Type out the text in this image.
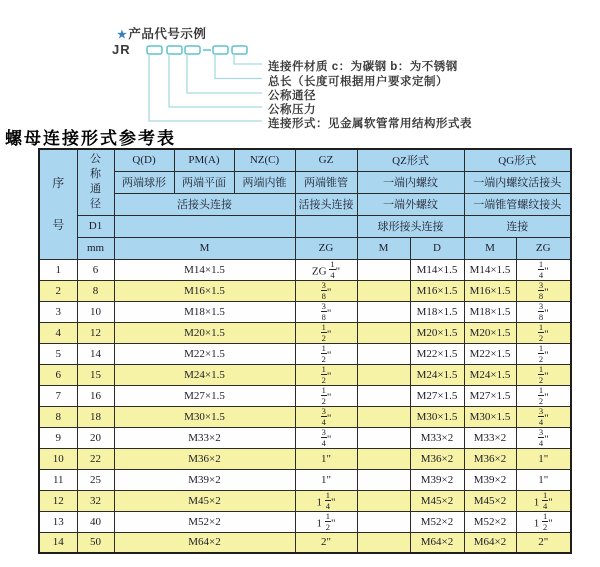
★产品代号示例
JR
连接件材质 c：为碳钢 b：为不锈钢
总长（长度可根据用户要求定制）
公称通径
公称压力
连接形式：见金属软管常用结构形式表
螺母连接形式参考表
序
号	公
称
通
径	Q(D)	PM(A)	NZ(C)	GZ	QZ形式		QG形式	
		两端球形	两端平面	两端内锥	两端锥管	一端内螺纹		一端内螺纹活接头	
		活接头连接			活接头连接	一端外螺纹		一端锥管螺纹接头	
	D1					球形接头连接		连接	
	mm	M			ZG	M	D	M	ZG
1	6	M14×1.5			ZG $\frac{1}{4}$ "		M14×1.5	M14×1.5	$\frac{1}{4}$ "
2	8	M16×1.5			$\frac{3}{8}$ "		M16×1.5	M16×1.5	$\frac{3}{8}$ "
3	10	M18×1.5			$\frac{3}{8}$ "		M18×1.5	M18×1.5	$\frac{3}{8}$ "
4	12	M20×1.5			$\frac{1}{2}$ "		M20×1.5	M20×1.5	$\frac{1}{2}$ "
5	14	M22×1.5			$\frac{1}{2}$ "		M22×1.5	M22×1.5	$\frac{1}{2}$ "
6	15	M24×1.5			$\frac{1}{2}$ "		M24×1.5	M24×1.5	$\frac{1}{2}$ "
7	16	M27×1.5			$\frac{1}{2}$ "		M27×1.5	M27×1.5	$\frac{1}{2}$ "
8	18	M30×1.5			$\frac{3}{4}$ "		M30×1.5	M30×1.5	$\frac{3}{4}$ "
9	20	M33×2			$\frac{3}{4}$ "		M33×2	M33×2	$\frac{3}{4}$ "
10	22	M36×2			1"		M36×2	M36×2	1"
11	25	M39×2			1"		M39×2	M39×2	1"
12	32	M45×2			$1 \frac{1}{4}$ "		M45×2	M45×2	$1 \frac{1}{4}$ "
13	40	M52×2			$1 \frac{1}{2}$ "		M52×2	M52×2	$1 \frac{1}{2}$ "
14	50	M64×2			2"		M64×2	M64×2	2"
